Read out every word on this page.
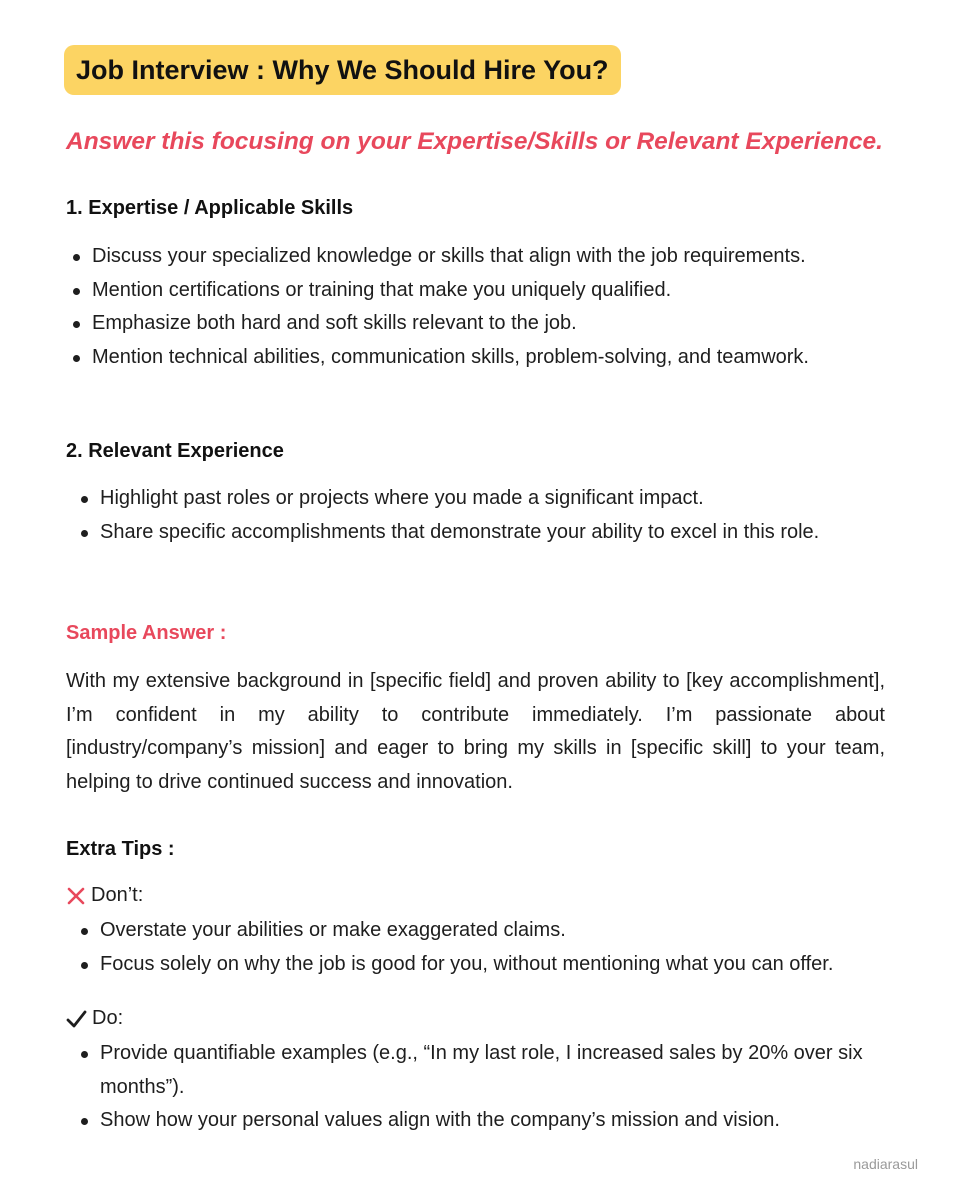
Job Interview : Why We Should Hire You?
Answer this focusing on your Expertise/Skills or Relevant Experience.
1. Expertise / Applicable Skills
Discuss your specialized knowledge or skills that align with the job requirements.
Mention certifications or training that make you uniquely qualified.
Emphasize both hard and soft skills relevant to the job.
Mention technical abilities, communication skills, problem-solving, and teamwork.
2. Relevant Experience
Highlight past roles or projects where you made a significant impact.
Share specific accomplishments that demonstrate your ability to excel in this role.
Sample Answer :
With my extensive background in [specific field] and proven ability to [key accomplishment], I’m confident in my ability to contribute immediately. I’m passionate about [industry/company’s mission] and eager to bring my skills in [specific skill] to your team, helping to drive continued success and innovation.
Extra Tips :
Don’t:
Overstate your abilities or make exaggerated claims.
Focus solely on why the job is good for you, without mentioning what you can offer.
Do:
Provide quantifiable examples (e.g., “In my last role, I increased sales by 20% over six months”).
Show how your personal values align with the company’s mission and vision.
nadiarasul
